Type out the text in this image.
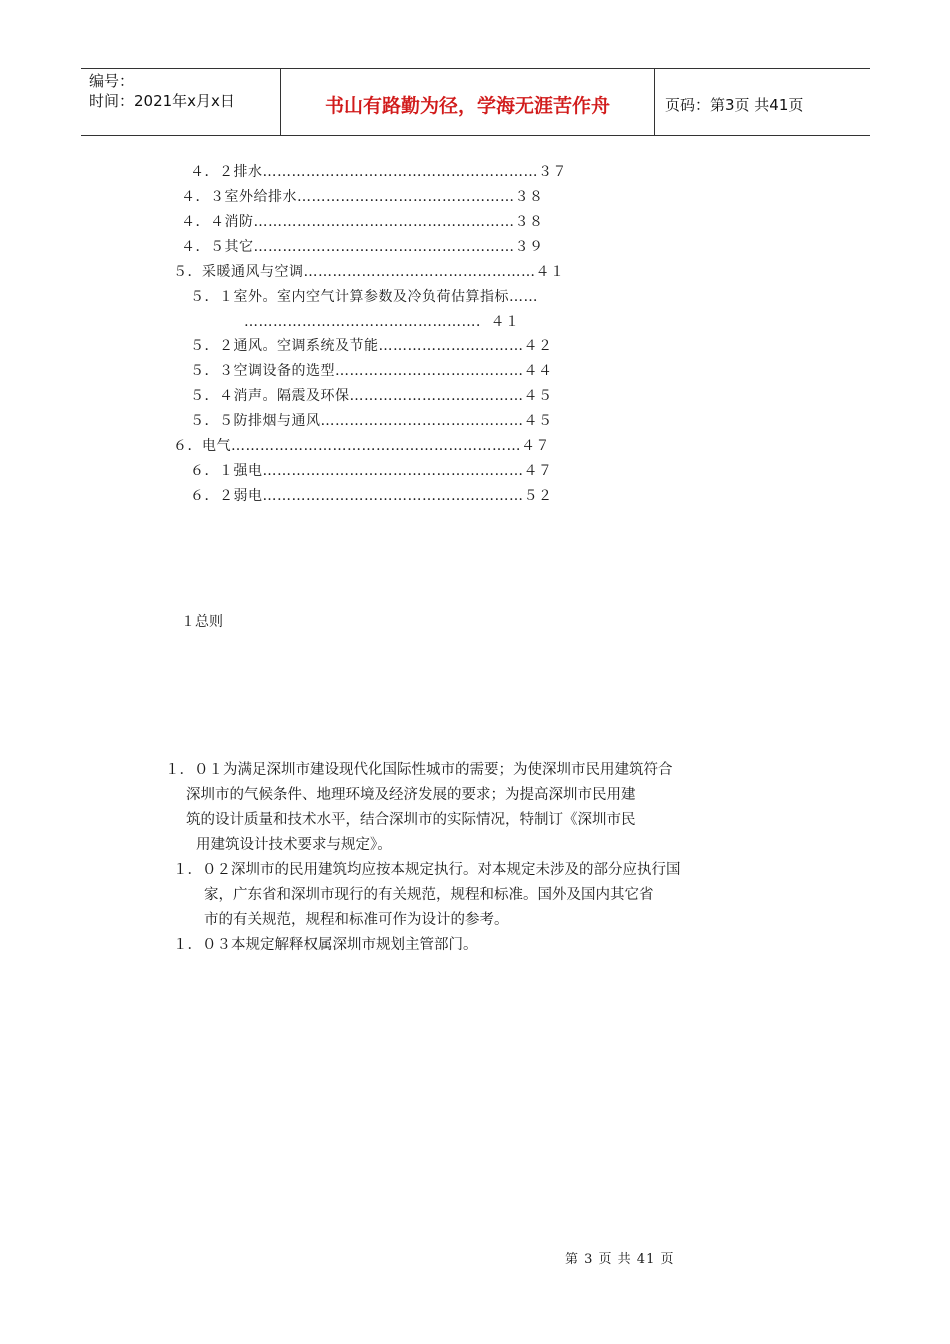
编号：
时间：2021年x月x日	书山有路勤为径，学海无涯苦作舟	页码：第3页 共41页
４．２排水…………………………………………………３７
４．３室外给排水………………………………………３８
４．４消防………………………………………………３８
４．５其它………………………………………………３９
５．采暖通风与空调…………………………………………４１
５．１室外。室内空气计算参数及冷负荷估算指标……
…………………………………………．４１
５．２通风。空调系统及节能…………………………４２
５．３空调设备的选型…………………………………４４
５．４消声。隔震及环保………………………………４５
５．５防排烟与通风……………………………………４５
６．电气……………………………………………………４７
６．１强电………………………………………………４７
６．２弱电………………………………………………５２
１总则
１．０１为满足深圳市建设现代化国际性城市的需要；为使深圳市民用建筑符合
深圳市的气候条件、地理环境及经济发展的要求；为提高深圳市民用建
筑的设计质量和技术水平，结合深圳市的实际情况，特制订《深圳市民
用建筑设计技术要求与规定》。
１．０２深圳市的民用建筑均应按本规定执行。对本规定未涉及的部分应执行国
家，广东省和深圳市现行的有关规范，规程和标准。国外及国内其它省
市的有关规范，规程和标准可作为设计的参考。
１．０３本规定解释权属深圳市规划主管部门。
第 3 页 共 41 页
